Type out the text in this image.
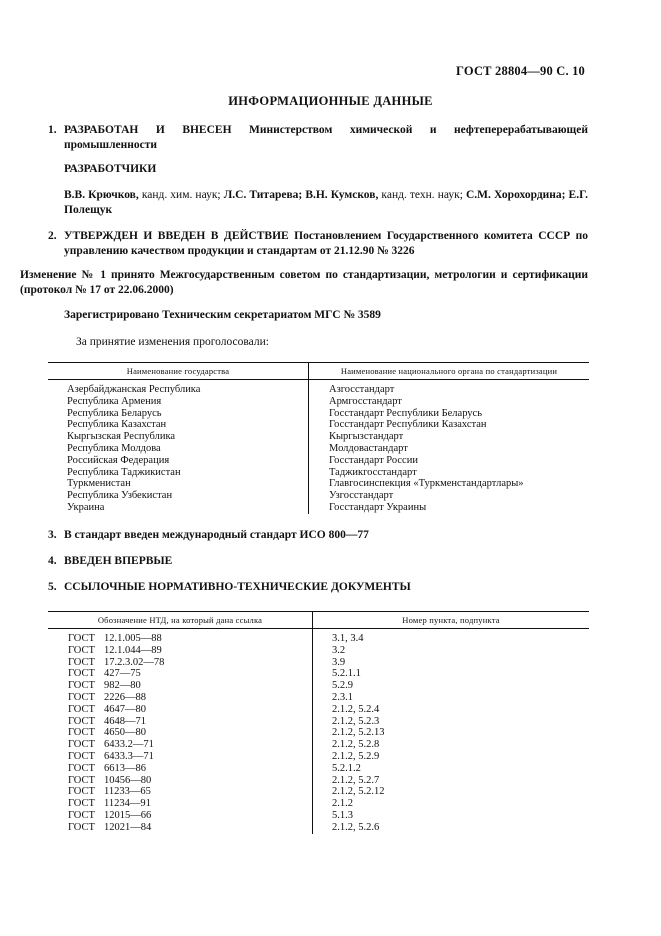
ГОСТ 28804—90 С. 10
ИНФОРМАЦИОННЫЕ ДАННЫЕ
1. РАЗРАБОТАН И ВНЕСЕН Министерством химической и нефтеперерабатывающей промышленности
РАЗРАБОТЧИКИ
В.В. Крючков, канд. хим. наук; Л.С. Титарева; В.Н. Кумсков, канд. техн. наук; С.М. Хорохордина; Е.Г. Полещук
2. УТВЕРЖДЕН И ВВЕДЕН В ДЕЙСТВИЕ Постановлением Государственного комитета СССР по управлению качеством продукции и стандартам от 21.12.90 № 3226
Изменение № 1 принято Межгосударственным советом по стандартизации, метрологии и сертификации (протокол № 17 от 22.06.2000)
Зарегистрировано Техническим секретариатом МГС № 3589
За принятие изменения проголосовали:
Наименование государства	Наименование национального органа по стандартизации
Азербайджанская Республика	Азгосстандарт
Республика Армения	Армгосстандарт
Республика Беларусь	Госстандарт Республики Беларусь
Республика Казахстан	Госстандарт Республики Казахстан
Кыргызская Республика	Кыргызстандарт
Республика Молдова	Молдовастандарт
Российская Федерация	Госстандарт России
Республика Таджикистан	Таджикгосстандарт
Туркменистан	Главгосинспекция «Туркменстандартлары»
Республика Узбекистан	Узгосстандарт
Украина	Госстандарт Украины
3. В стандарт введен международный стандарт ИСО 800—77
4. ВВЕДЕН ВПЕРВЫЕ
5. ССЫЛОЧНЫЕ НОРМАТИВНО-ТЕХНИЧЕСКИЕ ДОКУМЕНТЫ
Обозначение НТД, на который дана ссылка	Номер пункта, подпункта
ГОСТ 12.1.005—88	3.1, 3.4
ГОСТ 12.1.044—89	3.2
ГОСТ 17.2.3.02—78	3.9
ГОСТ 427—75	5.2.1.1
ГОСТ 982—80	5.2.9
ГОСТ 2226—88	2.3.1
ГОСТ 4647—80	2.1.2, 5.2.4
ГОСТ 4648—71	2.1.2, 5.2.3
ГОСТ 4650—80	2.1.2, 5.2.13
ГОСТ 6433.2—71	2.1.2, 5.2.8
ГОСТ 6433.3—71	2.1.2, 5.2.9
ГОСТ 6613—86	5.2.1.2
ГОСТ 10456—80	2.1.2, 5.2.7
ГОСТ 11233—65	2.1.2, 5.2.12
ГОСТ 11234—91	2.1.2
ГОСТ 12015—66	5.1.3
ГОСТ 12021—84	2.1.2, 5.2.6
